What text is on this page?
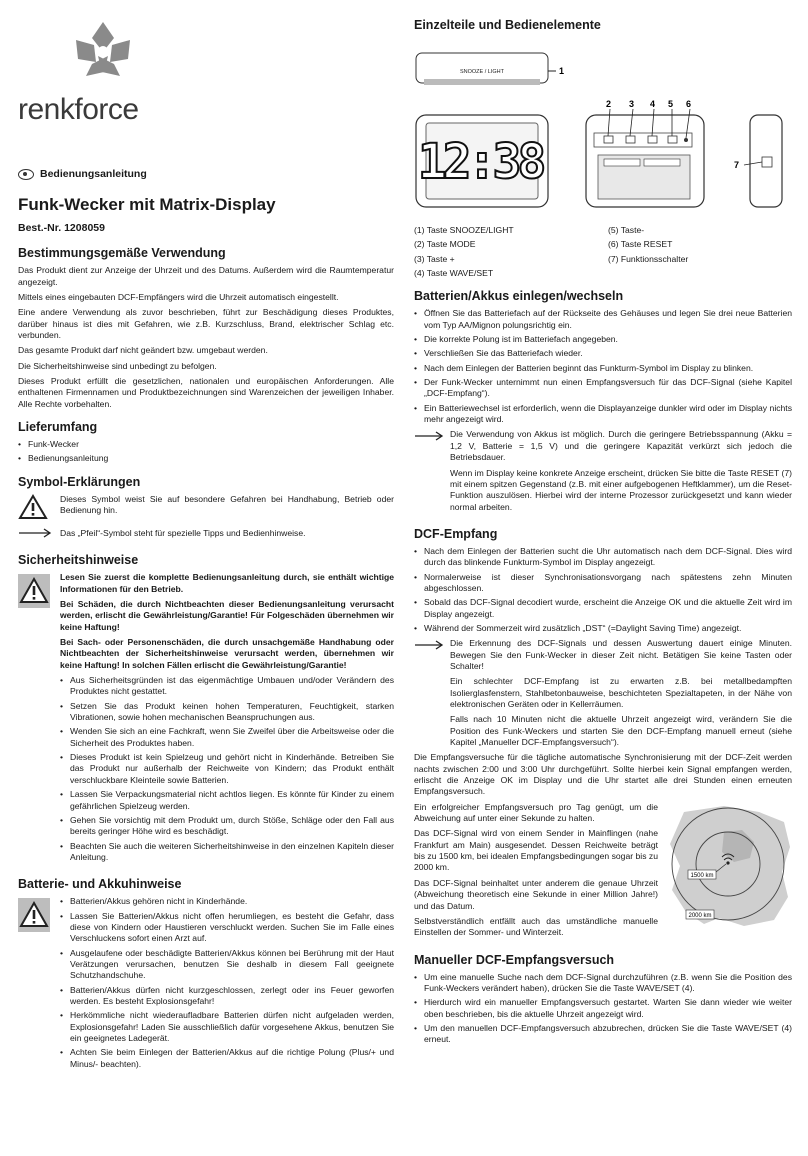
renkforce
Bedienungsanleitung
Funk-Wecker mit Matrix-Display
Best.-Nr. 1208059
Bestimmungsgemäße Verwendung

Das Produkt dient zur Anzeige der Uhrzeit und des Datums. Außerdem wird die Raumtemperatur angezeigt.

Mittels eines eingebauten DCF-Empfängers wird die Uhrzeit automatisch eingestellt.

Eine andere Verwendung als zuvor beschrieben, führt zur Beschädigung dieses Produktes, darüber hinaus ist dies mit Gefahren, wie z.B. Kurzschluss, Brand, elektrischer Schlag etc. verbunden.

Das gesamte Produkt darf nicht geändert bzw. umgebaut werden.

Die Sicherheitshinweise sind unbedingt zu befolgen.

Dieses Produkt erfüllt die gesetzlichen, nationalen und europäischen Anforderungen. Alle enthaltenen Firmennamen und Produktbezeichnungen sind Warenzeichen der jeweiligen Inhaber. Alle Rechte vorbehalten.

Lieferumfang
• Funk-Wecker
• Bedienungsanleitung
Symbol-Erklärungen

Dieses Symbol weist Sie auf besondere Gefahren bei Handhabung, Betrieb oder Bedienung hin.

Das „Pfeil“-Symbol steht für spezielle Tipps und Bedienhinweise.

Sicherheitshinweise

Lesen Sie zuerst die komplette Bedienungsanleitung durch, sie enthält wichtige Informationen für den Betrieb.

Bei Schäden, die durch Nichtbeachten dieser Bedienungsanleitung verursacht werden, erlischt die Gewährleistung/Garantie! Für Folgeschäden übernehmen wir keine Haftung!

Bei Sach- oder Personenschäden, die durch unsachgemäße Handhabung oder Nichtbeachten der Sicherheitshinweise verursacht werden, übernehmen wir keine Haftung! In solchen Fällen erlischt die Gewährleistung/Garantie!

• Aus Sicherheitsgründen ist das eigenmächtige Umbauen und/oder Verändern des Produktes nicht gestattet.
• Setzen Sie das Produkt keinen hohen Temperaturen, Feuchtigkeit, starken Vibrationen, sowie hohen mechanischen Beanspruchungen aus.
• Wenden Sie sich an eine Fachkraft, wenn Sie Zweifel über die Arbeitsweise oder die Sicherheit des Produktes haben.
• Dieses Produkt ist kein Spielzeug und gehört nicht in Kinderhände. Betreiben Sie das Produkt nur außerhalb der Reichweite von Kindern; das Produkt enthält verschluckbare Kleinteile sowie Batterien.
• Lassen Sie Verpackungsmaterial nicht achtlos liegen. Es könnte für Kinder zu einem gefährlichen Spielzeug werden.
• Gehen Sie vorsichtig mit dem Produkt um, durch Stöße, Schläge oder den Fall aus bereits geringer Höhe wird es beschädigt.
• Beachten Sie auch die weiteren Sicherheitshinweise in den einzelnen Kapiteln dieser Anleitung.
Batterie- und Akkuhinweise
• Batterien/Akkus gehören nicht in Kinderhände.
• Lassen Sie Batterien/Akkus nicht offen herumliegen, es besteht die Gefahr, dass diese von Kindern oder Haustieren verschluckt werden. Suchen Sie im Falle eines Verschluckens sofort einen Arzt auf.
• Ausgelaufene oder beschädigte Batterien/Akkus können bei Berührung mit der Haut Verätzungen verursachen, benutzen Sie deshalb in diesem Fall geeignete Schutzhandschuhe.
• Batterien/Akkus dürfen nicht kurzgeschlossen, zerlegt oder ins Feuer geworfen werden. Es besteht Explosionsgefahr!
• Herkömmliche nicht wiederaufladbare Batterien dürfen nicht aufgeladen werden, Explosionsgefahr! Laden Sie ausschließlich dafür vorgesehene Akkus, benutzen Sie ein geeignetes Ladegerät.
• Achten Sie beim Einlegen der Batterien/Akkus auf die richtige Polung (Plus/+ und Minus/- beachten).
Einzelteile und Bedienelemente
SNOOZE / LIGHT	1
12:38
2 3 4 5 6
7
(1) Taste SNOOZE/LIGHT	(5) Taste-
(2) Taste MODE	(6) Taste RESET
(3) Taste +	(7) Funktionsschalter
(4) Taste WAVE/SET
Batterien/Akkus einlegen/wechseln
• Öffnen Sie das Batteriefach auf der Rückseite des Gehäuses und legen Sie drei neue Batterien vom Typ AA/Mignon polungsrichtig ein.
• Die korrekte Polung ist im Batteriefach angegeben.
• Verschließen Sie das Batteriefach wieder.
• Nach dem Einlegen der Batterien beginnt das Funkturm-Symbol im Display zu blinken.
• Der Funk-Wecker unternimmt nun einen Empfangsversuch für das DCF-Signal (siehe Kapitel „DCF-Empfang“).
• Ein Batteriewechsel ist erforderlich, wenn die Displayanzeige dunkler wird oder im Display nichts mehr angezeigt wird.

Die Verwendung von Akkus ist möglich. Durch die geringere Betriebsspannung (Akku = 1,2 V, Batterie = 1,5 V) und die geringere Kapazität verkürzt sich jedoch die Betriebsdauer.

Wenn im Display keine konkrete Anzeige erscheint, drücken Sie bitte die Taste RESET (7) mit einem spitzen Gegenstand (z.B. mit einer aufgebogenen Heftklammer), um die Reset-Funktion auszulösen. Hierbei wird der interne Prozessor zurückgesetzt und kann wieder normal arbeiten.

DCF-Empfang
• Nach dem Einlegen der Batterien sucht die Uhr automatisch nach dem DCF-Signal. Dies wird durch das blinkende Funkturm-Symbol im Display angezeigt.
• Normalerweise ist dieser Synchronisationsvorgang nach spätestens zehn Minuten abgeschlossen.
• Sobald das DCF-Signal decodiert wurde, erscheint die Anzeige OK und die aktuelle Zeit wird im Display angezeigt.
• Während der Sommerzeit wird zusätzlich „DST“ (=Daylight Saving Time) angezeigt.

Die Erkennung des DCF-Signals und dessen Auswertung dauert einige Minuten. Bewegen Sie den Funk-Wecker in dieser Zeit nicht. Betätigen Sie keine Tasten oder Schalter!

Ein schlechter DCF-Empfang ist zu erwarten z.B. bei metallbedampften Isolierglasfenstern, Stahlbetonbauweise, beschichteten Spezialtapeten, in der Nähe von elektronischen Geräten oder in Kellerräumen.

Falls nach 10 Minuten nicht die aktuelle Uhrzeit angezeigt wird, verändern Sie die Position des Funk-Weckers und starten Sie den DCF-Empfang manuell erneut (siehe Kapitel „Manueller DCF-Empfangsversuch“).

Die Empfangsversuche für die tägliche automatische Synchronisierung mit der DCF-Zeit werden nachts zwischen 2:00 und 3:00 Uhr durchgeführt. Sollte hierbei kein Signal empfangen werden, erlischt die Anzeige OK im Display und die Uhr startet alle drei Stunden einen erneuten Empfangsversuch.

Ein erfolgreicher Empfangsversuch pro Tag genügt, um die Abweichung auf unter einer Sekunde zu halten.

Das DCF-Signal wird von einem Sender in Mainflingen (nahe Frankfurt am Main) ausgesendet. Dessen Reichweite beträgt bis zu 1500 km, bei idealen Empfangsbedingungen sogar bis zu 2000 km.

Das DCF-Signal beinhaltet unter anderem die genaue Uhrzeit (Abweichung theoretisch eine Sekunde in einer Million Jahre!) und das Datum.

Selbstverständlich entfällt auch das umständliche manuelle Einstellen der Sommer- und Winterzeit.

1500 km
2000 km
Manueller DCF-Empfangsversuch
• Um eine manuelle Suche nach dem DCF-Signal durchzuführen (z.B. wenn Sie die Position des Funk-Weckers verändert haben), drücken Sie die Taste WAVE/SET (4).
• Hierdurch wird ein manueller Empfangsversuch gestartet. Warten Sie dann wieder wie weiter oben beschrieben, bis die aktuelle Uhrzeit angezeigt wird.
• Um den manuellen DCF-Empfangsversuch abzubrechen, drücken Sie die Taste WAVE/SET (4) erneut.
